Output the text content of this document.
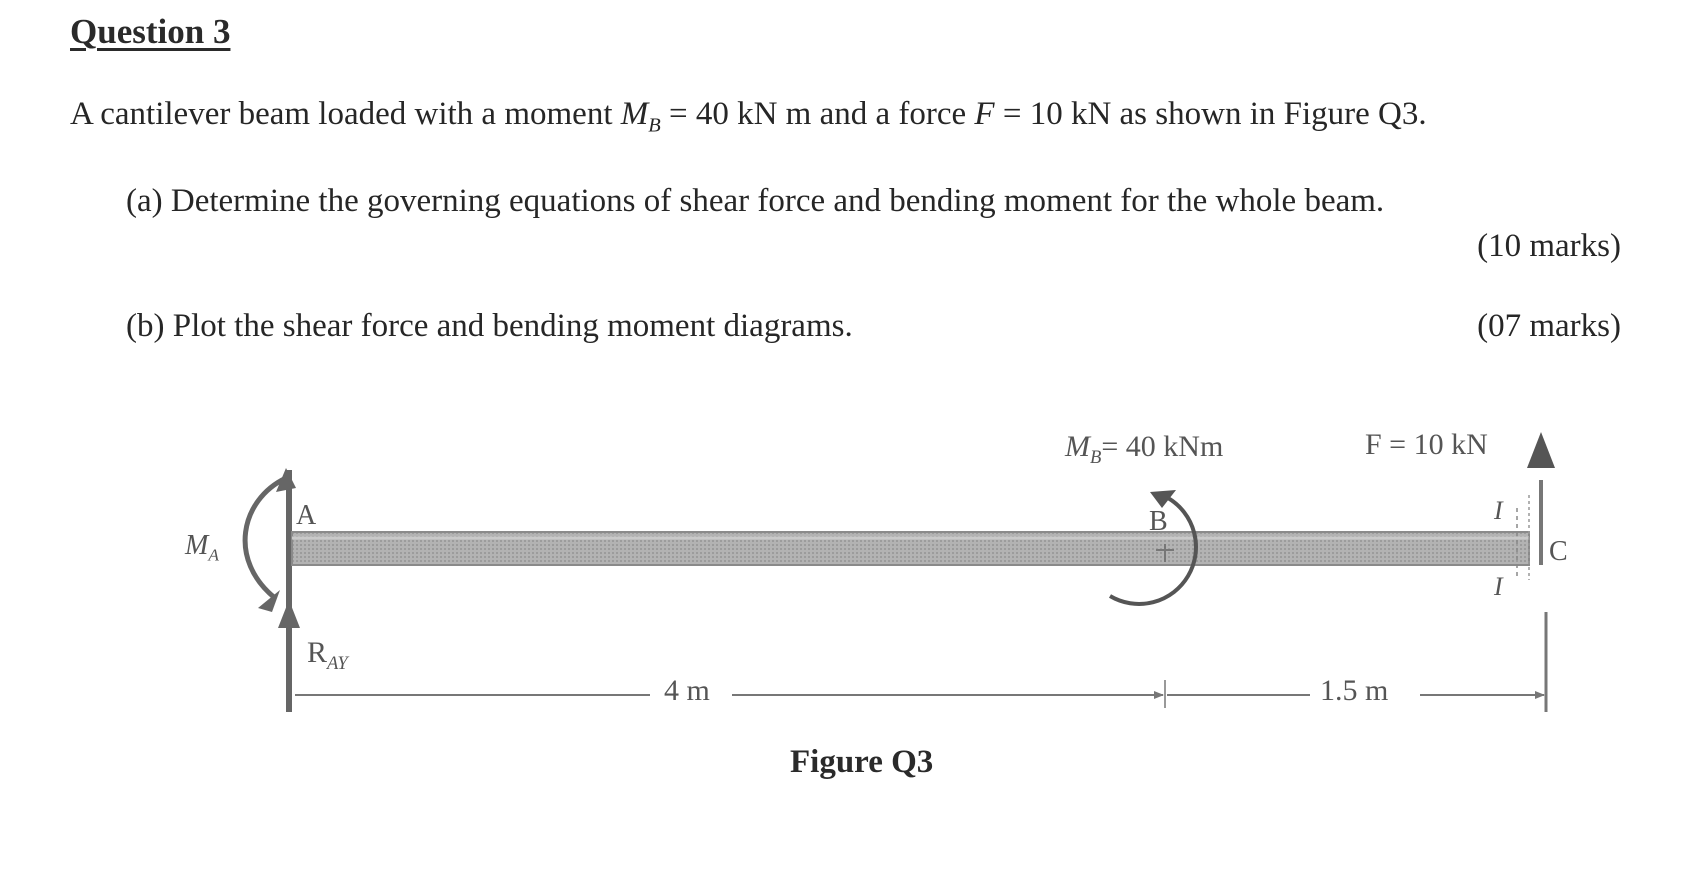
Question 3
A cantilever beam loaded with a moment $M_B = 40$ kN m and a force F = 10 kN as shown in Figure Q3.
(a) Determine the governing equations of shear force and bending moment for the whole beam.
(10 marks)
(b) Plot the shear force and bending moment diagrams.	(07 marks)
$M_B= 40$ kNm	F = 10 kN
A	B
C
$M_A$
$R_{AY}$
I
I
4 m	1.5 m
Figure Q3
